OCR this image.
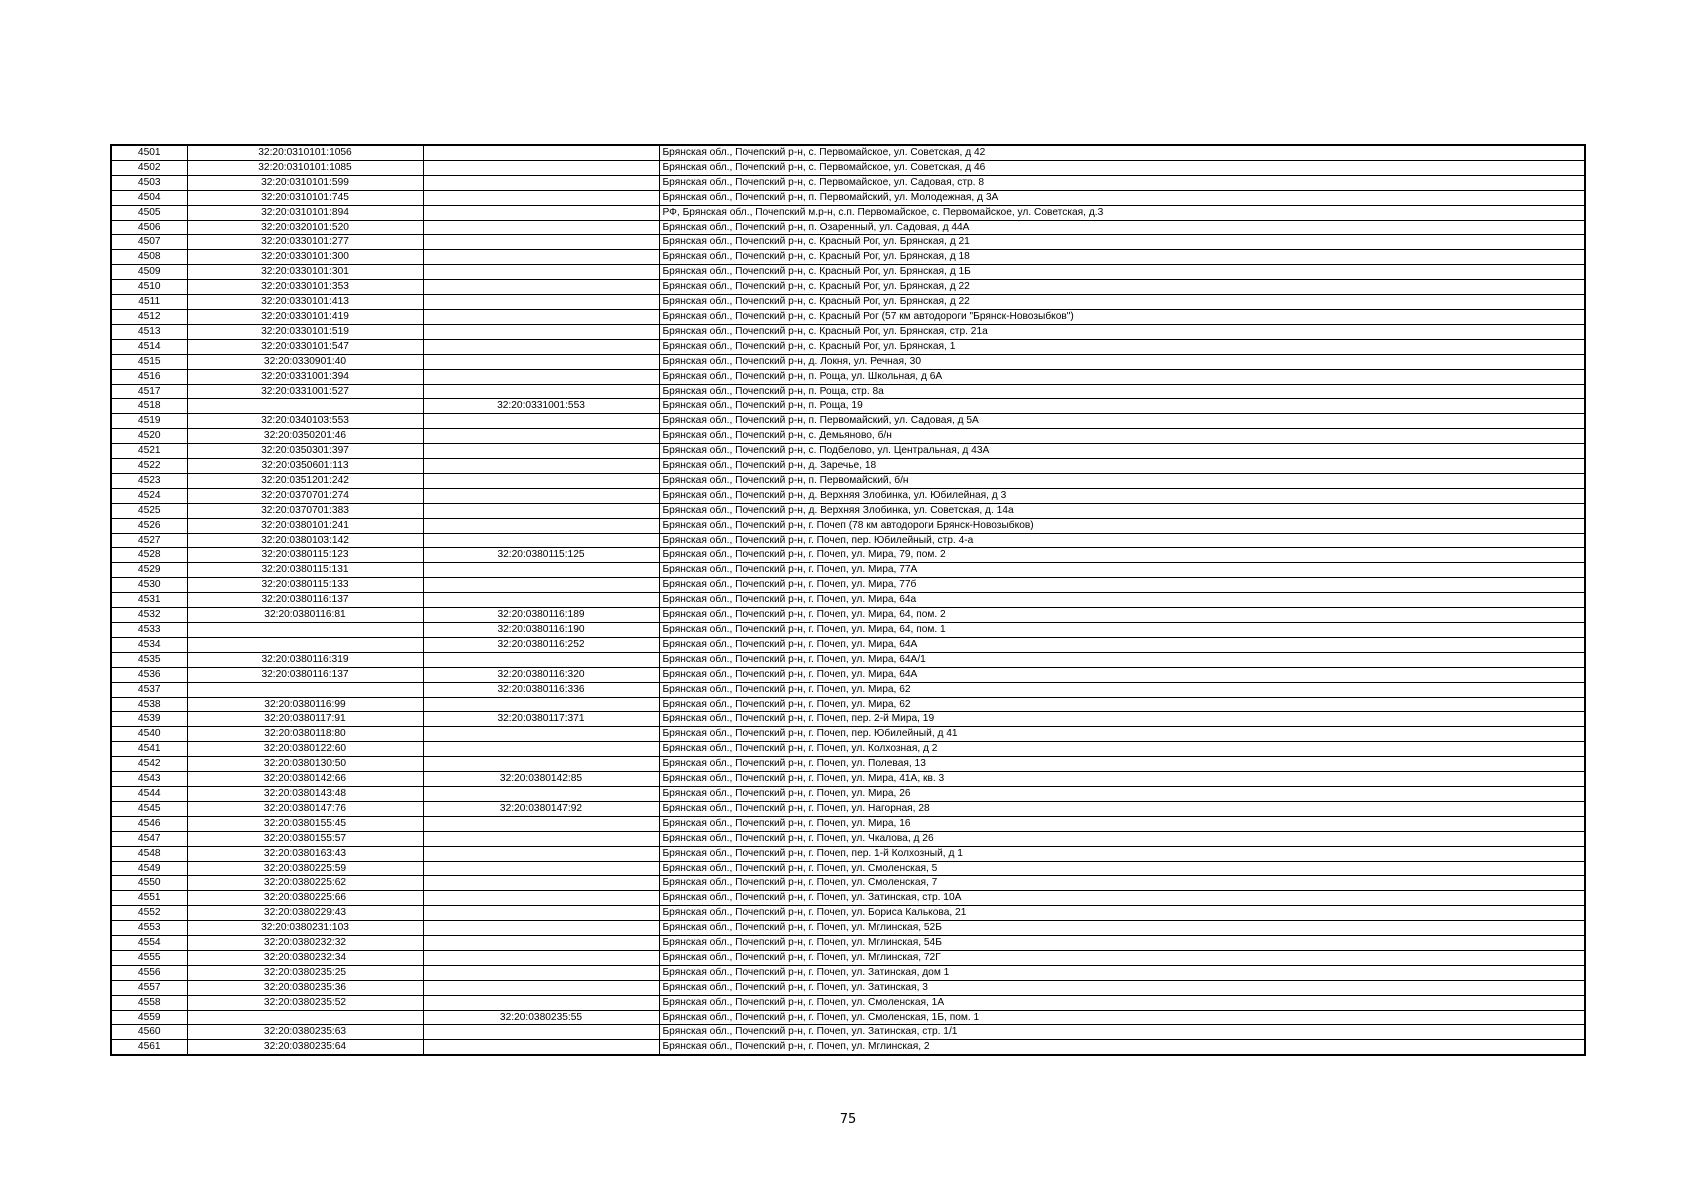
4501	32:20:0310101:1056		Брянская обл., Почепский р-н, с. Первомайское, ул. Советская, д 42
4502	32:20:0310101:1085		Брянская обл., Почепский р-н, с. Первомайское, ул. Советская, д 46
4503	32:20:0310101:599		Брянская обл., Почепский р-н, с. Первомайское, ул. Садовая, стр. 8
4504	32:20:0310101:745		Брянская обл., Почепский р-н, п. Первомайский, ул. Молодежная, д 3А
4505	32:20:0310101:894		РФ, Брянская обл., Почепский м.р-н, с.п. Первомайское, с. Первомайское, ул. Советская, д.3
4506	32:20:0320101:520		Брянская обл., Почепский р-н, п. Озаренный, ул. Садовая, д 44А
4507	32:20:0330101:277		Брянская обл., Почепский р-н, с. Красный Рог, ул. Брянская, д 21
4508	32:20:0330101:300		Брянская обл., Почепский р-н, с. Красный Рог, ул. Брянская, д 18
4509	32:20:0330101:301		Брянская обл., Почепский р-н, с. Красный Рог, ул. Брянская, д 1Б
4510	32:20:0330101:353		Брянская обл., Почепский р-н, с. Красный Рог, ул. Брянская, д 22
4511	32:20:0330101:413		Брянская обл., Почепский р-н, с. Красный Рог, ул. Брянская, д 22
4512	32:20:0330101:419		Брянская обл., Почепский р-н, с. Красный Рог (57 км автодороги "Брянск-Новозыбков")
4513	32:20:0330101:519		Брянская обл., Почепский р-н, с. Красный Рог, ул. Брянская, стр. 21а
4514	32:20:0330101:547		Брянская обл., Почепский р-н, с. Красный Рог, ул. Брянская, 1
4515	32:20:0330901:40		Брянская обл., Почепский р-н, д. Локня, ул. Речная, 30
4516	32:20:0331001:394		Брянская обл., Почепский р-н, п. Роща, ул. Школьная, д 6А
4517	32:20:0331001:527		Брянская обл., Почепский р-н, п. Роща, стр. 8а
4518		32:20:0331001:553	Брянская обл., Почепский р-н, п. Роща, 19
4519	32:20:0340103:553		Брянская обл., Почепский р-н, п. Первомайский, ул. Садовая, д 5А
4520	32:20:0350201:46		Брянская обл., Почепский р-н, с. Демьяново, б/н
4521	32:20:0350301:397		Брянская обл., Почепский р-н, с. Подбелово, ул. Центральная, д 43А
4522	32:20:0350601:113		Брянская обл., Почепский р-н, д. Заречье, 18
4523	32:20:0351201:242		Брянская обл., Почепский р-н, п. Первомайский, б/н
4524	32:20:0370701:274		Брянская обл., Почепский р-н, д. Верхняя Злобинка, ул. Юбилейная, д 3
4525	32:20:0370701:383		Брянская обл., Почепский р-н, д. Верхняя Злобинка, ул. Советская, д. 14а
4526	32:20:0380101:241		Брянская обл., Почепский р-н, г. Почеп (78 км автодороги Брянск-Новозыбков)
4527	32:20:0380103:142		Брянская обл., Почепский р-н, г. Почеп, пер. Юбилейный, стр. 4-а
4528	32:20:0380115:123	32:20:0380115:125	Брянская обл., Почепский р-н, г. Почеп, ул. Мира, 79, пом. 2
4529	32:20:0380115:131		Брянская обл., Почепский р-н, г. Почеп, ул. Мира, 77А
4530	32:20:0380115:133		Брянская обл., Почепский р-н, г. Почеп, ул. Мира, 77б
4531	32:20:0380116:137		Брянская обл., Почепский р-н, г. Почеп, ул. Мира, 64а
4532	32:20:0380116:81	32:20:0380116:189	Брянская обл., Почепский р-н, г. Почеп, ул. Мира, 64, пом. 2
4533		32:20:0380116:190	Брянская обл., Почепский р-н, г. Почеп, ул. Мира, 64, пом. 1
4534		32:20:0380116:252	Брянская обл., Почепский р-н, г. Почеп, ул. Мира, 64А
4535	32:20:0380116:319		Брянская обл., Почепский р-н, г. Почеп, ул. Мира, 64А/1
4536	32:20:0380116:137	32:20:0380116:320	Брянская обл., Почепский р-н, г. Почеп, ул. Мира, 64А
4537		32:20:0380116:336	Брянская обл., Почепский р-н, г. Почеп, ул. Мира, 62
4538	32:20:0380116:99		Брянская обл., Почепский р-н, г. Почеп, ул. Мира, 62
4539	32:20:0380117:91	32:20:0380117:371	Брянская обл., Почепский р-н, г. Почеп, пер. 2-й Мира, 19
4540	32:20:0380118:80		Брянская обл., Почепский р-н, г. Почеп, пер. Юбилейный, д 41
4541	32:20:0380122:60		Брянская обл., Почепский р-н, г. Почеп, ул. Колхозная, д 2
4542	32:20:0380130:50		Брянская обл., Почепский р-н, г. Почеп, ул. Полевая, 13
4543	32:20:0380142:66	32:20:0380142:85	Брянская обл., Почепский р-н, г. Почеп, ул. Мира, 41А, кв. 3
4544	32:20:0380143:48		Брянская обл., Почепский р-н, г. Почеп, ул. Мира, 26
4545	32:20:0380147:76	32:20:0380147:92	Брянская обл., Почепский р-н, г. Почеп, ул. Нагорная, 28
4546	32:20:0380155:45		Брянская обл., Почепский р-н, г. Почеп, ул. Мира, 16
4547	32:20:0380155:57		Брянская обл., Почепский р-н, г. Почеп, ул. Чкалова, д 26
4548	32:20:0380163:43		Брянская обл., Почепский р-н, г. Почеп, пер. 1-й Колхозный, д 1
4549	32:20:0380225:59		Брянская обл., Почепский р-н, г. Почеп, ул. Смоленская, 5
4550	32:20:0380225:62		Брянская обл., Почепский р-н, г. Почеп, ул. Смоленская, 7
4551	32:20:0380225:66		Брянская обл., Почепский р-н, г. Почеп, ул. Затинская, стр. 10А
4552	32:20:0380229:43		Брянская обл., Почепский р-н, г. Почеп, ул. Бориса Калькова, 21
4553	32:20:0380231:103		Брянская обл., Почепский р-н, г. Почеп, ул. Мглинская, 52Б
4554	32:20:0380232:32		Брянская обл., Почепский р-н, г. Почеп, ул. Мглинская, 54Б
4555	32:20:0380232:34		Брянская обл., Почепский р-н, г. Почеп, ул. Мглинская, 72Г
4556	32:20:0380235:25		Брянская обл., Почепский р-н, г. Почеп, ул. Затинская, дом 1
4557	32:20:0380235:36		Брянская обл., Почепский р-н, г. Почеп, ул. Затинская, 3
4558	32:20:0380235:52		Брянская обл., Почепский р-н, г. Почеп, ул. Смоленская, 1А
4559		32:20:0380235:55	Брянская обл., Почепский р-н, г. Почеп, ул. Смоленская, 1Б, пом. 1
4560	32:20:0380235:63		Брянская обл., Почепский р-н, г. Почеп, ул. Затинская, стр. 1/1
4561	32:20:0380235:64		Брянская обл., Почепский р-н, г. Почеп, ул. Мглинская, 2
75
